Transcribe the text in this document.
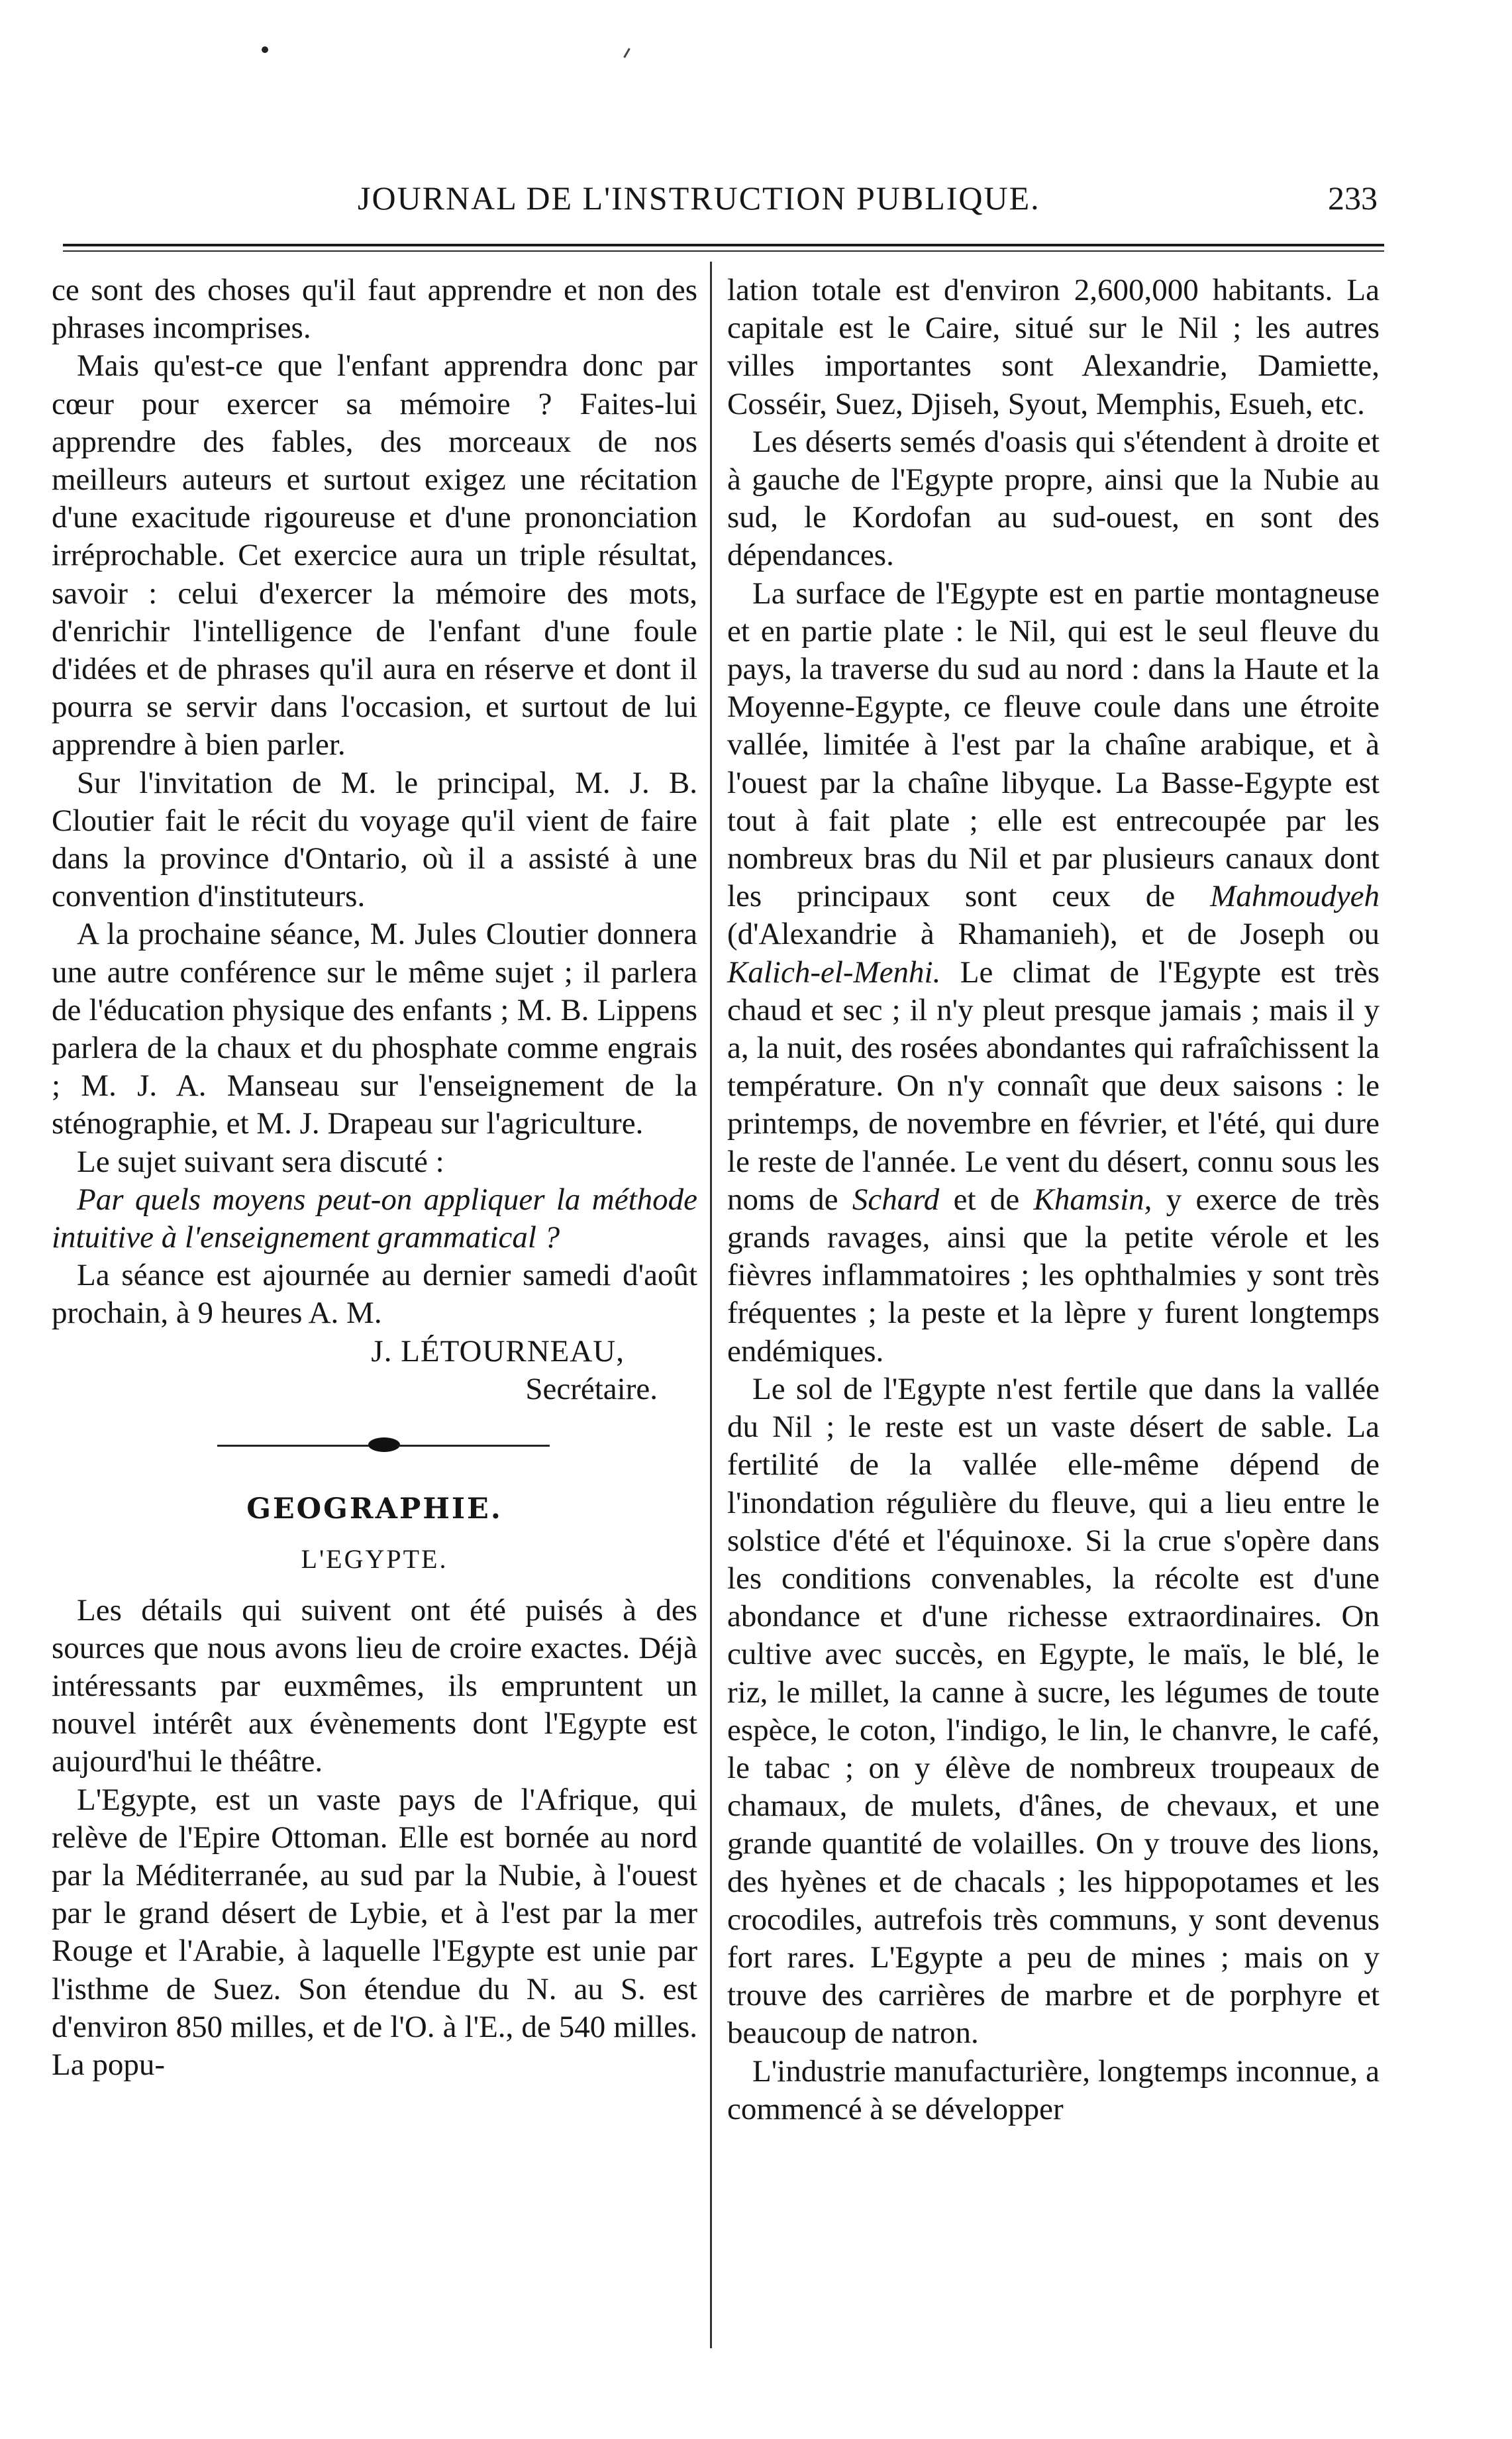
JOURNAL DE L'INSTRUCTION PUBLIQUE.	233

ce sont des choses qu'il faut apprendre et non des phrases incomprises.

Mais qu'est-ce que l'enfant apprendra donc par cœur pour exercer sa mémoire ? Faites-lui apprendre des fables, des morceaux de nos meilleurs auteurs et surtout exigez une récitation d'une exacitude rigoureuse et d'une prononciation irréprochable. Cet exercice aura un triple résultat, savoir : celui d'exercer la mémoire des mots, d'enrichir l'intelligence de l'enfant d'une foule d'idées et de phrases qu'il aura en réserve et dont il pourra se servir dans l'occasion, et surtout de lui apprendre à bien parler.

Sur l'invitation de M. le principal, M. J. B. Cloutier fait le récit du voyage qu'il vient de faire dans la province d'Ontario, où il a assisté à une convention d'instituteurs.

A la prochaine séance, M. Jules Cloutier donnera une autre conférence sur le même sujet ; il parlera de l'éducation physique des enfants ; M. B. Lippens parlera de la chaux et du phosphate comme engrais ; M. J. A. Manseau sur l'enseignement de la sténographie, et M. J. Drapeau sur l'agriculture.

Le sujet suivant sera discuté :

Par quels moyens peut-on appliquer la méthode intuitive à l'enseignement grammatical ?

La séance est ajournée au dernier samedi d'août prochain, à 9 heures A. M.

J. LÉTOURNEAU,

Secrétaire.

GEOGRAPHIE.
L'EGYPTE.

Les détails qui suivent ont été puisés à des sources que nous avons lieu de croire exactes. Déjà intéressants par euxmêmes, ils empruntent un nouvel intérêt aux évènements dont l'Egypte est aujourd'hui le théâtre.

L'Egypte, est un vaste pays de l'Afrique, qui relève de l'Epire Ottoman. Elle est bornée au nord par la Méditerranée, au sud par la Nubie, à l'ouest par le grand désert de Lybie, et à l'est par la mer Rouge et l'Arabie, à laquelle l'Egypte est unie par l'isthme de Suez. Son étendue du N. au S. est d'environ 850 milles, et de l'O. à l'E., de 540 milles. La popu-

lation totale est d'environ 2,600,000 habitants. La capitale est le Caire, situé sur le Nil ; les autres villes importantes sont Alexandrie, Damiette, Cosséir, Suez, Djiseh, Syout, Memphis, Esueh, etc.

Les déserts semés d'oasis qui s'étendent à droite et à gauche de l'Egypte propre, ainsi que la Nubie au sud, le Kordofan au sud-ouest, en sont des dépendances.

La surface de l'Egypte est en partie montagneuse et en partie plate : le Nil, qui est le seul fleuve du pays, la traverse du sud au nord : dans la Haute et la Moyenne-Egypte, ce fleuve coule dans une étroite vallée, limitée à l'est par la chaîne arabique, et à l'ouest par la chaîne libyque. La Basse-Egypte est tout à fait plate ; elle est entrecoupée par les nombreux bras du Nil et par plusieurs canaux dont les principaux sont ceux de Mahmoudyeh (d'Alexandrie à Rhamanieh), et de Joseph ou Kalich-el-Menhi. Le climat de l'Egypte est très chaud et sec ; il n'y pleut presque jamais ; mais il y a, la nuit, des rosées abondantes qui rafraîchissent la température. On n'y connaît que deux saisons : le printemps, de novembre en février, et l'été, qui dure le reste de l'année. Le vent du désert, connu sous les noms de Schard et de Khamsin, y exerce de très grands ravages, ainsi que la petite vérole et les fièvres inflammatoires ; les ophthalmies y sont très fréquentes ; la peste et la lèpre y furent longtemps endémiques.

Le sol de l'Egypte n'est fertile que dans la vallée du Nil ; le reste est un vaste désert de sable. La fertilité de la vallée elle-même dépend de l'inondation régulière du fleuve, qui a lieu entre le solstice d'été et l'équinoxe. Si la crue s'opère dans les conditions convenables, la récolte est d'une abondance et d'une richesse extraordinaires. On cultive avec succès, en Egypte, le maïs, le blé, le riz, le millet, la canne à sucre, les légumes de toute espèce, le coton, l'indigo, le lin, le chanvre, le café, le tabac ; on y élève de nombreux troupeaux de chamaux, de mulets, d'ânes, de chevaux, et une grande quantité de volailles. On y trouve des lions, des hyènes et de chacals ; les hippopotames et les crocodiles, autrefois très communs, y sont devenus fort rares. L'Egypte a peu de mines ; mais on y trouve des carrières de marbre et de porphyre et beaucoup de natron.

L'industrie manufacturière, longtemps inconnue, a commencé à se développer
